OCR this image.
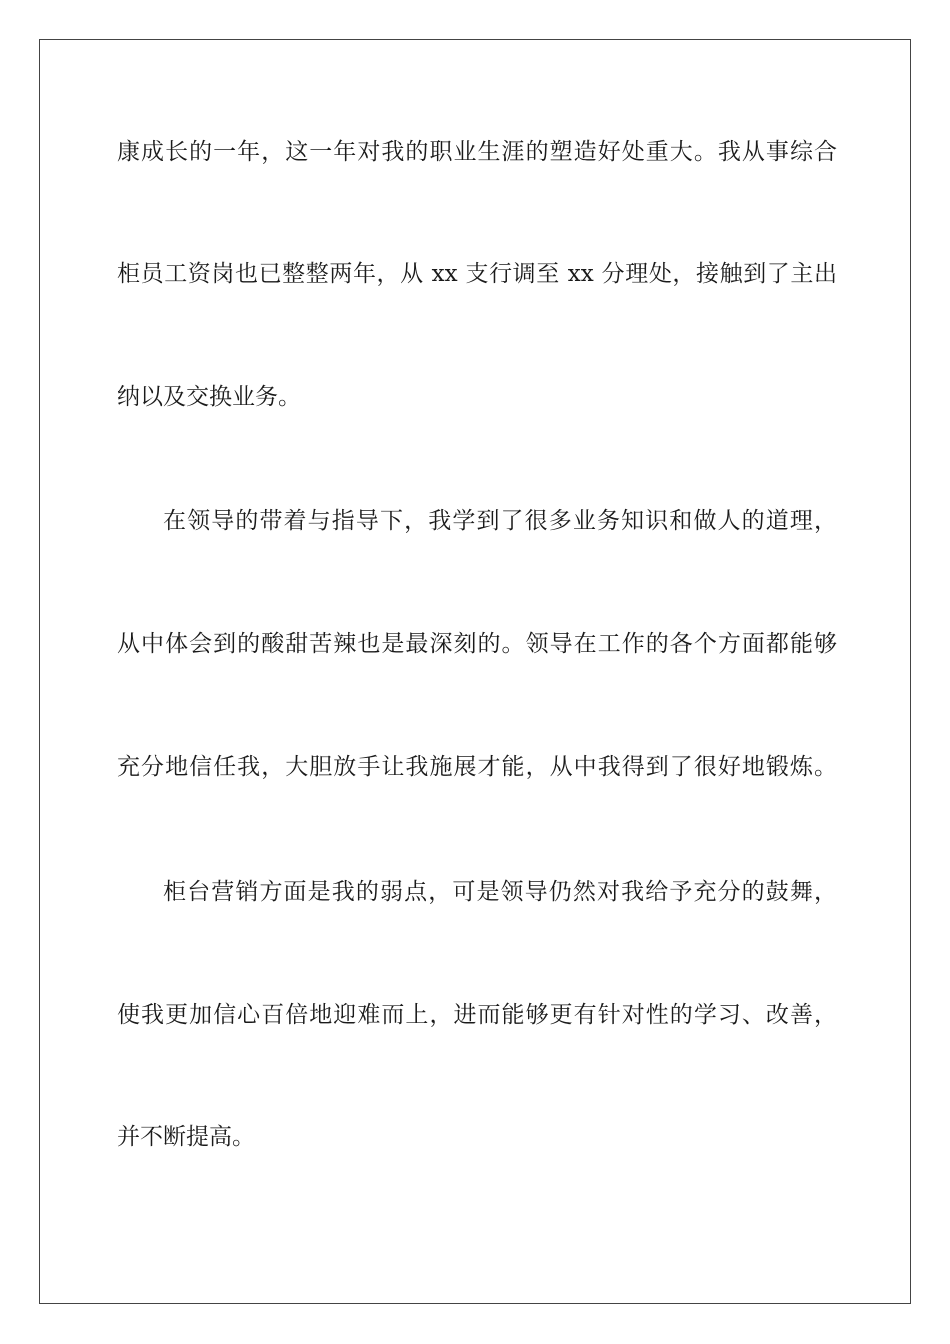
康成长的一年，这一年对我的职业生涯的塑造好处重大。我从事综合
柜员工资岗也已整整两年，从 xx 支行调至 xx 分理处，接触到了主出
纳以及交换业务。
在领导的带着与指导下，我学到了很多业务知识和做人的道理，
从中体会到的酸甜苦辣也是最深刻的。领导在工作的各个方面都能够
充分地信任我，大胆放手让我施展才能，从中我得到了很好地锻炼。
柜台营销方面是我的弱点，可是领导仍然对我给予充分的鼓舞，
使我更加信心百倍地迎难而上，进而能够更有针对性的学习、改善，
并不断提高。
